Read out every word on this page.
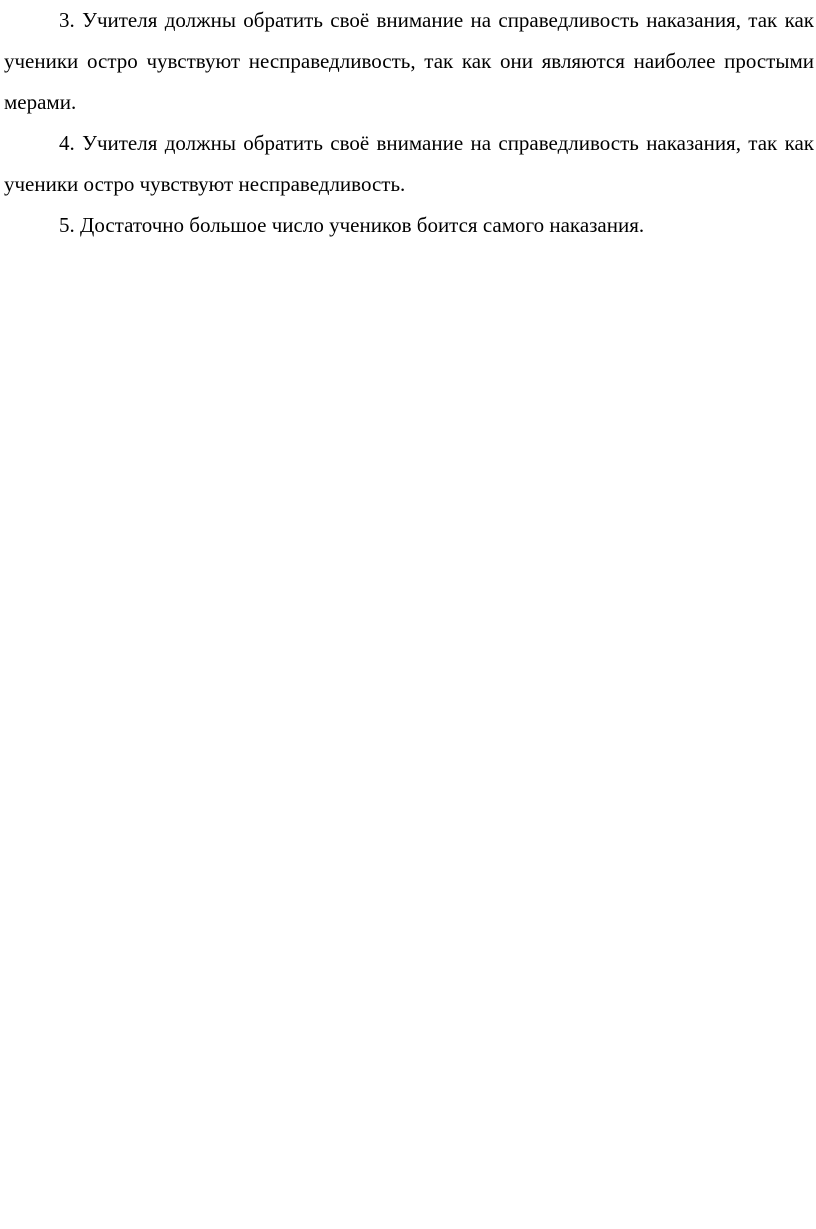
3. Учителя должны обратить своё внимание на справедливость наказания, так как ученики остро чувствуют несправедливость, так как они являются наиболее простыми мерами.

4. Учителя должны обратить своё внимание на справедливость наказания, так как ученики остро чувствуют несправедливость.

5. Достаточно большое число учеников боится самого наказания.
